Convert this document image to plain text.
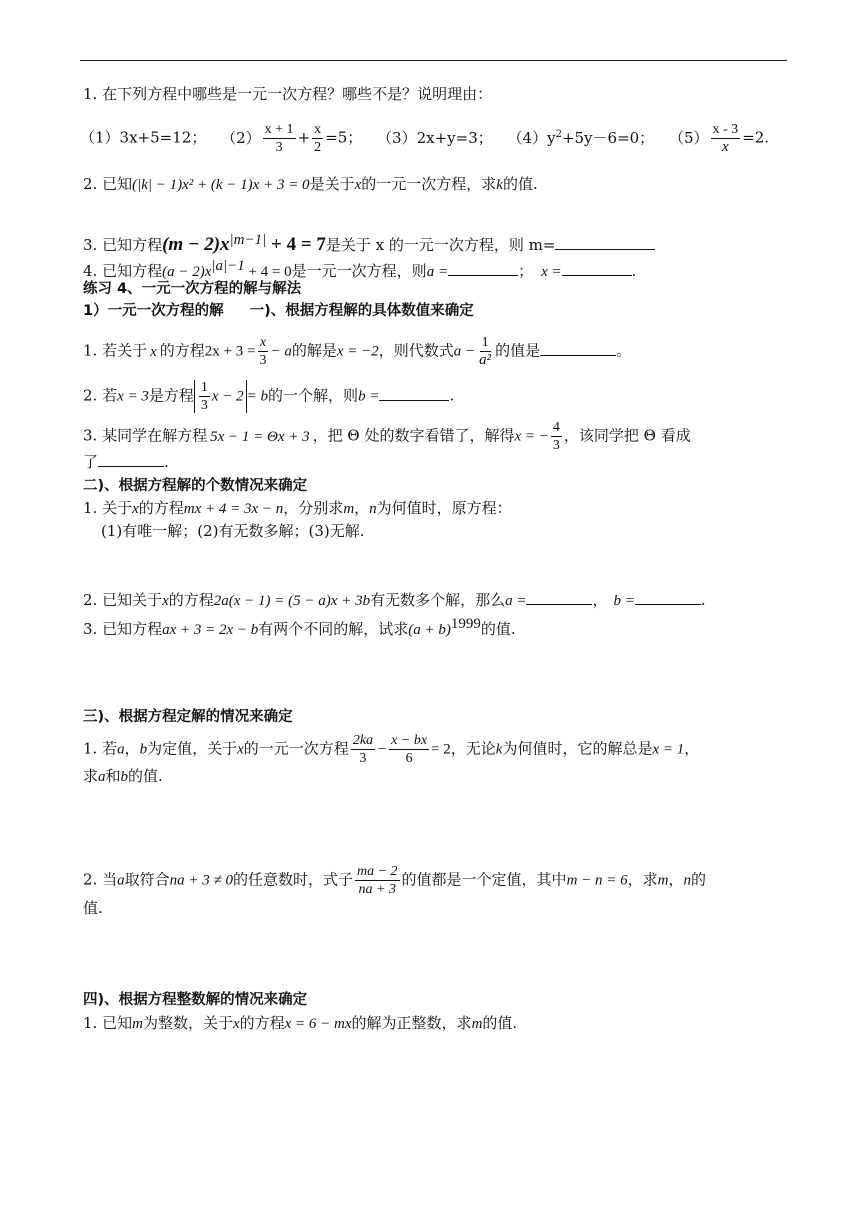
1. 在下列方程中哪些是一元一次方程？哪些不是？说明理由：
（1）3x+5=12； $(2) \frac{x + 1}{3} + \frac{x}{2} =5$； （3）2x+y=3； $(4)y^2+5y-6=0$； $(5) \frac{x - 3}{x} =2$.
2. 已知(|k| − 1)x² + (k − 1)x + 3 = 0是关于x的一元一次方程，求k的值.
3. 已知方程$(m - 2)x^{|m-1|} + 4 = 7$是关于 x 的一元一次方程，则 m=
4. 已知方程$(a - 2)x^{|a|-1} + 4 = 0$是一元一次方程，则a =	； x =	.
练习 4、一元一次方程的解与解法
1）一元一次方程的解 一)、根据方程解的具体数值来确定
1. 若关于 x 的方程$2x + 3 = \frac{x}{3} - a$的解是x = −2，则代数式$a - \frac{1}{\text{a²}}$ 的值是	。
2. 若x = 3是方程 $\frac{1}{3}$ x − 2 = b的一个解，则b =	.
3. 某同学在解方程 5x − 1 = Θx + 3 ，把 Θ 处的数字看错了，解得x = − $\frac{4}{3}$ ，该同学把 Θ 看成
了	.
二)、根据方程解的个数情况来确定
1. 关于x的方程mx + 4 = 3x − n，分别求m，n为何值时，原方程：
(1)有唯一解；(2)有无数多解；(3)无解.
2. 已知关于x的方程2a(x − 1) = (5 − a)x + 3b有无数多个解，那么a =	， b =	.
3. 已知方程ax + 3 = 2x − b有两个不同的解，试求$(a + b)^{1999}$的值.
三)、根据方程定解的情况来确定
1. 若a，b为定值，关于x的一元一次方程 $\frac{2ka}{3} - \frac{x - bx}{6} = 2$，无论k为何值时，它的解总是x = 1，
求a和b的值.
2. 当a取符合na + 3 ≠ 0的任意数时，式子 $\frac{ma - 2}{na + 3}$ 的值都是一个定值，其中m − n = 6，求m，n的
值.
四)、根据方程整数解的情况来确定
1. 已知m为整数，关于x的方程x = 6 − mx的解为正整数，求m的值.
